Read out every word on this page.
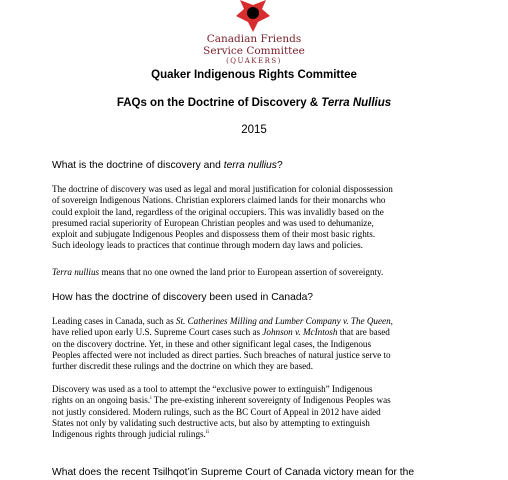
Canadian Friends
Service Committee
(QUAKERS)
Quaker Indigenous Rights Committee
FAQs on the Doctrine of Discovery & Terra Nullius
2015
What is the doctrine of discovery and terra nullius?

The doctrine of discovery was used as legal and moral justification for colonial dispossession
of sovereign Indigenous Nations. Christian explorers claimed lands for their monarchs who
could exploit the land, regardless of the original occupiers. This was invalidly based on the
presumed racial superiority of European Christian peoples and was used to dehumanize,
exploit and subjugate Indigenous Peoples and dispossess them of their most basic rights.
Such ideology leads to practices that continue through modern day laws and policies.

Terra nullius means that no one owned the land prior to European assertion of sovereignty.

How has the doctrine of discovery been used in Canada?

Leading cases in Canada, such as St. Catherines Milling and Lumber Company v. The Queen,
have relied upon early U.S. Supreme Court cases such as Johnson v. McIntosh that are based
on the discovery doctrine. Yet, in these and other significant legal cases, the Indigenous
Peoples affected were not included as direct parties. Such breaches of natural justice serve to
further discredit these rulings and the doctrine on which they are based.

Discovery was used as a tool to attempt the “exclusive power to extinguish” Indigenous
rights on an ongoing basis.$^i$ The pre-existing inherent sovereignty of Indigenous Peoples was
not justly considered. Modern rulings, such as the BC Court of Appeal in 2012 have aided
States not only by validating such destructive acts, but also by attempting to extinguish
Indigenous rights through judicial rulings.$^{ii}$

What does the recent Tsilhqot’in Supreme Court of Canada victory mean for the
